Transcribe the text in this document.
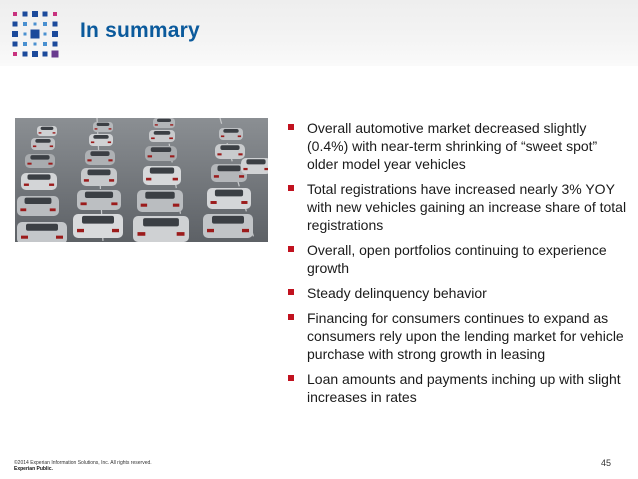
In summary
Overall automotive market decreased slightly (0.4%) with near-term shrinking of “sweet spot” older model year vehicles
Total registrations have increased nearly 3% YOY with new vehicles gaining an increase share of total registrations
Overall, open portfolios continuing to experience growth
Steady delinquency behavior
Financing for consumers continues to expand as consumers rely upon the lending market for vehicle purchase with strong growth in leasing
Loan amounts and payments inching up with slight increases in rates
©2014 Experian Information Solutions, Inc. All rights reserved.
Experian Public.
45
